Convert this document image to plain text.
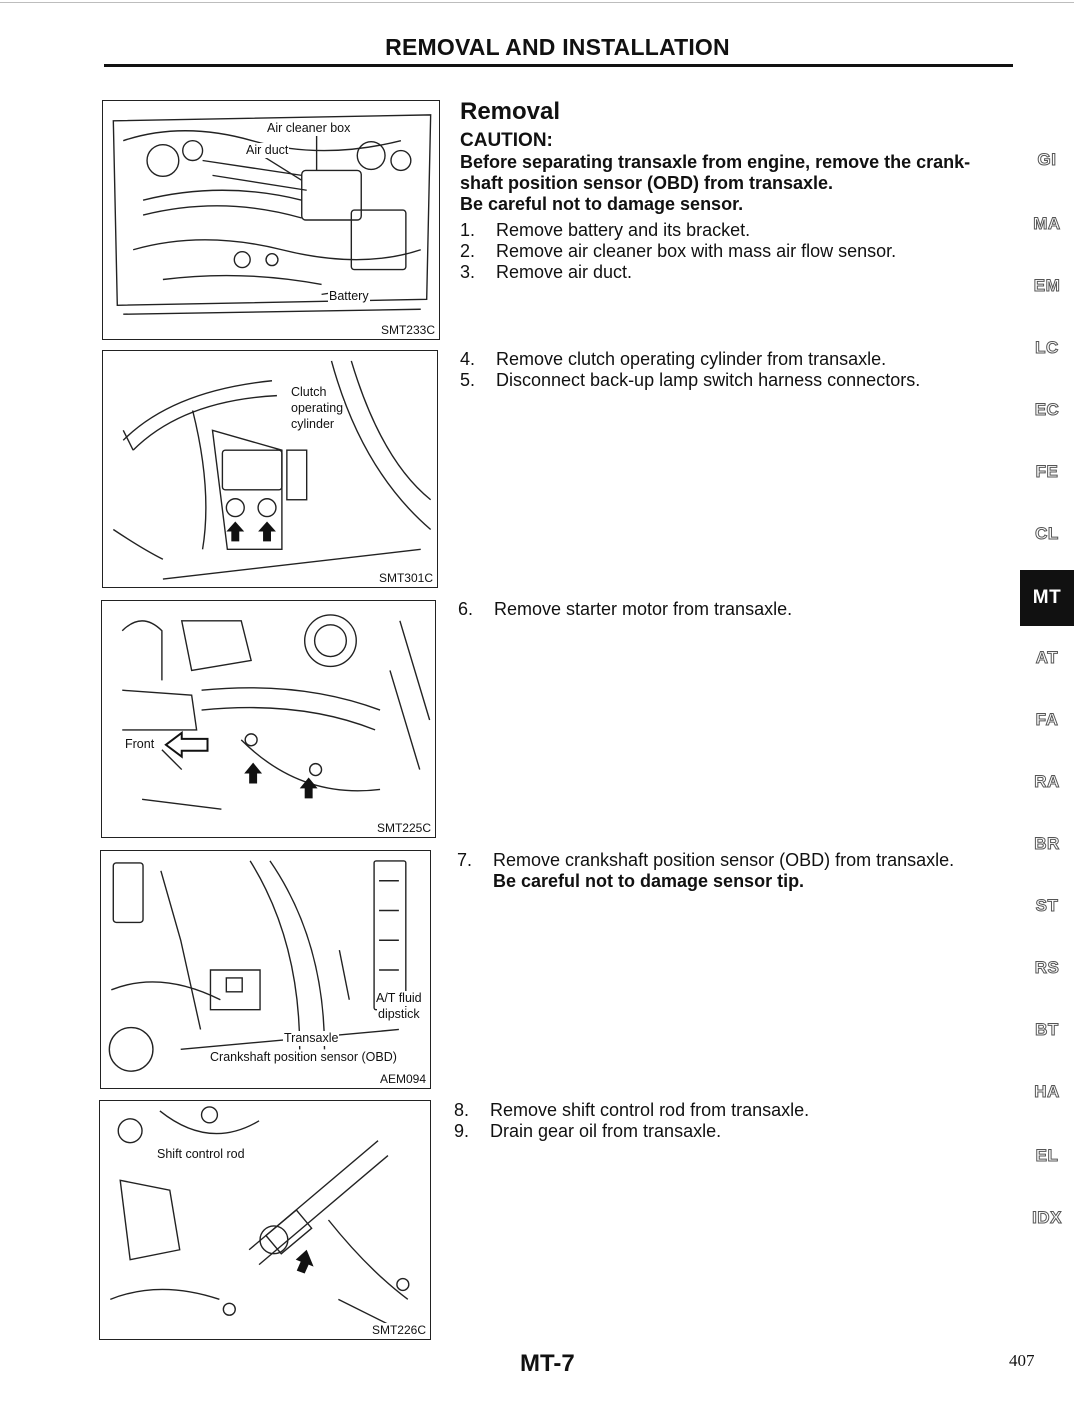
REMOVAL AND INSTALLATION
Air cleaner box
Air duct
Battery
SMT233C
Clutch
operating
cylinder
SMT301C
Front
SMT225C
A/T fluid
dipstick
Transaxle
Crankshaft position sensor (OBD)
AEM094
Shift control rod
SMT226C
Removal
CAUTION:
Before separating transaxle from engine, remove the crank-
shaft position sensor (OBD) from transaxle.
Be careful not to damage sensor.
1.	Remove battery and its bracket.
2.	Remove air cleaner box with mass air flow sensor.
3.	Remove air duct.
4.	Remove clutch operating cylinder from transaxle.
5.	Disconnect back-up lamp switch harness connectors.
6.	Remove starter motor from transaxle.
7.	Remove crankshaft position sensor (OBD) from transaxle.
Be careful not to damage sensor tip.
8.	Remove shift control rod from transaxle.
9.	Drain gear oil from transaxle.
GI
MA
EM
LC
EC
FE
CL
MT
AT
FA
RA
BR
ST
RS
BT
HA
EL
IDX
MT-7	407
